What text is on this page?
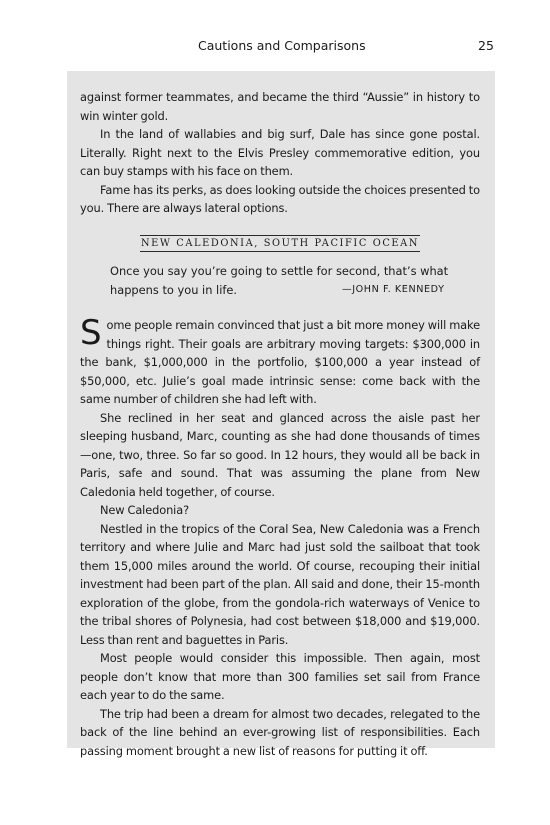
Cautions and Comparisons	25

against former teammates, and became the third “Aussie” in history to win winter gold.

In the land of wallabies and big surf, Dale has since gone postal. Literally. Right next to the Elvis Presley commemorative edition, you can buy stamps with his face on them.

Fame has its perks, as does looking outside the choices presented to you. There are always lateral options.

NEW CALEDONIA, SOUTH PACIFIC OCEAN
Once you say you’re going to settle for second, that’s what
happens to you in life.	—JOHN F. KENNEDY

Some people remain convinced that just a bit more money will make things right. Their goals are arbitrary moving targets: $300,000 in the bank, $1,000,000 in the portfolio, $100,000 a year instead of $50,000, etc. Julie’s goal made intrinsic sense: come back with the same number of children she had left with.

She reclined in her seat and glanced across the aisle past her sleeping husband, Marc, counting as she had done thousands of times—one, two, three. So far so good. In 12 hours, they would all be back in Paris, safe and sound. That was assuming the plane from New Caledonia held together, of course.

New Caledonia?

Nestled in the tropics of the Coral Sea, New Caledonia was a French territory and where Julie and Marc had just sold the sailboat that took them 15,000 miles around the world. Of course, recouping their initial investment had been part of the plan. All said and done, their 15-month exploration of the globe, from the gondola-rich waterways of Venice to the tribal shores of Polynesia, had cost between $18,000 and $19,000. Less than rent and baguettes in Paris.

Most people would consider this impossible. Then again, most people don’t know that more than 300 families set sail from France each year to do the same.

The trip had been a dream for almost two decades, relegated to the back of the line behind an ever-growing list of responsibilities. Each passing moment brought a new list of reasons for putting it off.
